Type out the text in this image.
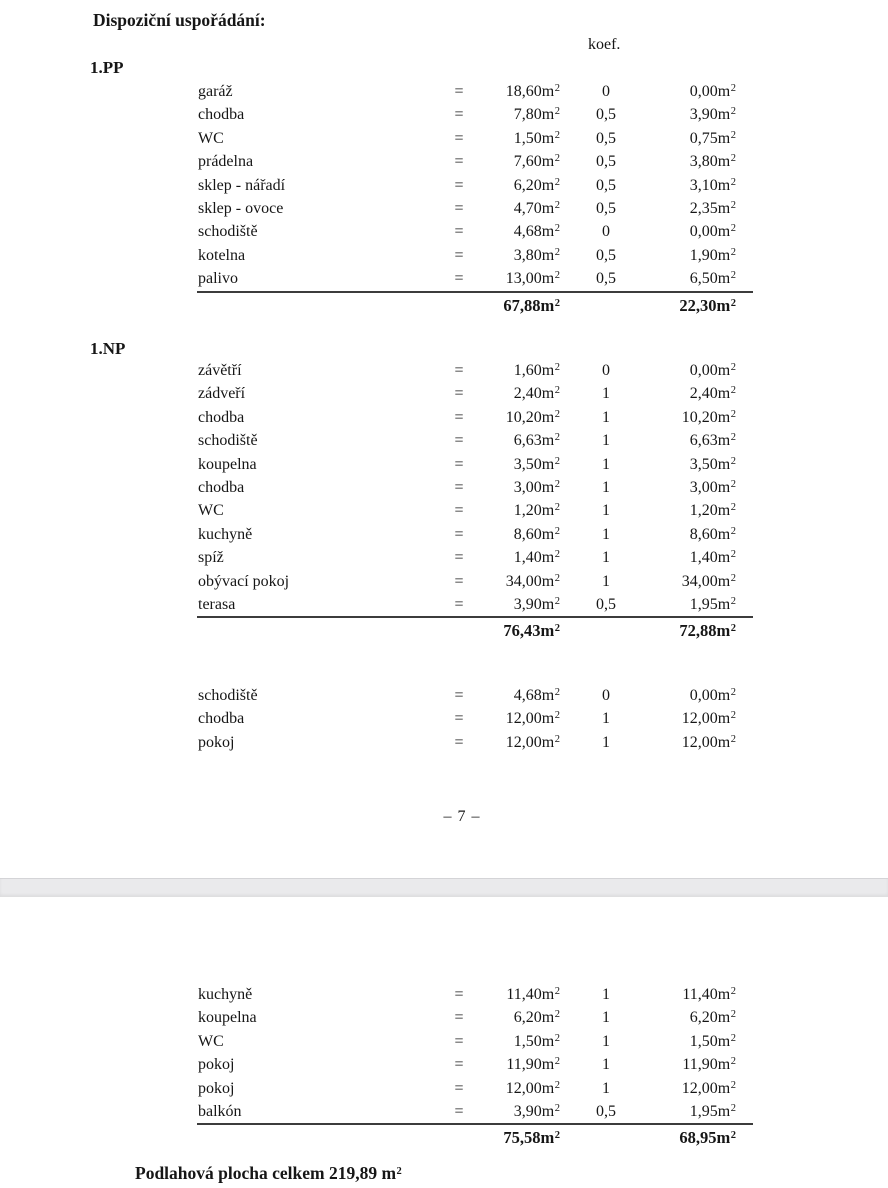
Dispoziční uspořádání:
koef.
1.PP
garáž	=	$18,60m^2$	0	$0,00m^2$
chodba	=	$7,80m^2$	0,5	$3,90m^2$
WC	=	$1,50m^2$	0,5	$0,75m^2$
prádelna	=	$7,60m^2$	0,5	$3,80m^2$
sklep - nářadí	=	$6,20m^2$	0,5	$3,10m^2$
sklep - ovoce	=	$4,70m^2$	0,5	$2,35m^2$
schodiště	=	$4,68m^2$	0	$0,00m^2$
kotelna	=	$3,80m^2$	0,5	$1,90m^2$
palivo	=	$13,00m^2$	0,5	$6,50m^2$
$67,88m^2$	$22,30m^2$
1.NP
závětří	=	$1,60m^2$	0	$0,00m^2$
zádveří	=	$2,40m^2$	1	$2,40m^2$
chodba	=	$10,20m^2$	1	$10,20m^2$
schodiště	=	$6,63m^2$	1	$6,63m^2$
koupelna	=	$3,50m^2$	1	$3,50m^2$
chodba	=	$3,00m^2$	1	$3,00m^2$
WC	=	$1,20m^2$	1	$1,20m^2$
kuchyně	=	$8,60m^2$	1	$8,60m^2$
spíž	=	$1,40m^2$	1	$1,40m^2$
obývací pokoj	=	$34,00m^2$	1	$34,00m^2$
terasa	=	$3,90m^2$	0,5	$1,95m^2$
$76,43m^2$	$72,88m^2$
schodiště	=	$4,68m^2$	0	$0,00m^2$
chodba	=	$12,00m^2$	1	$12,00m^2$
pokoj	=	$12,00m^2$	1	$12,00m^2$
– 7 –
kuchyně	=	$11,40m^2$	1	$11,40m^2$
koupelna	=	$6,20m^2$	1	$6,20m^2$
WC	=	$1,50m^2$	1	$1,50m^2$
pokoj	=	$11,90m^2$	1	$11,90m^2$
pokoj	=	$12,00m^2$	1	$12,00m^2$
balkón	=	$3,90m^2$	0,5	$1,95m^2$
$75,58m^2$	$68,95m^2$
Podlahová plocha celkem 219,89 $m^2$
